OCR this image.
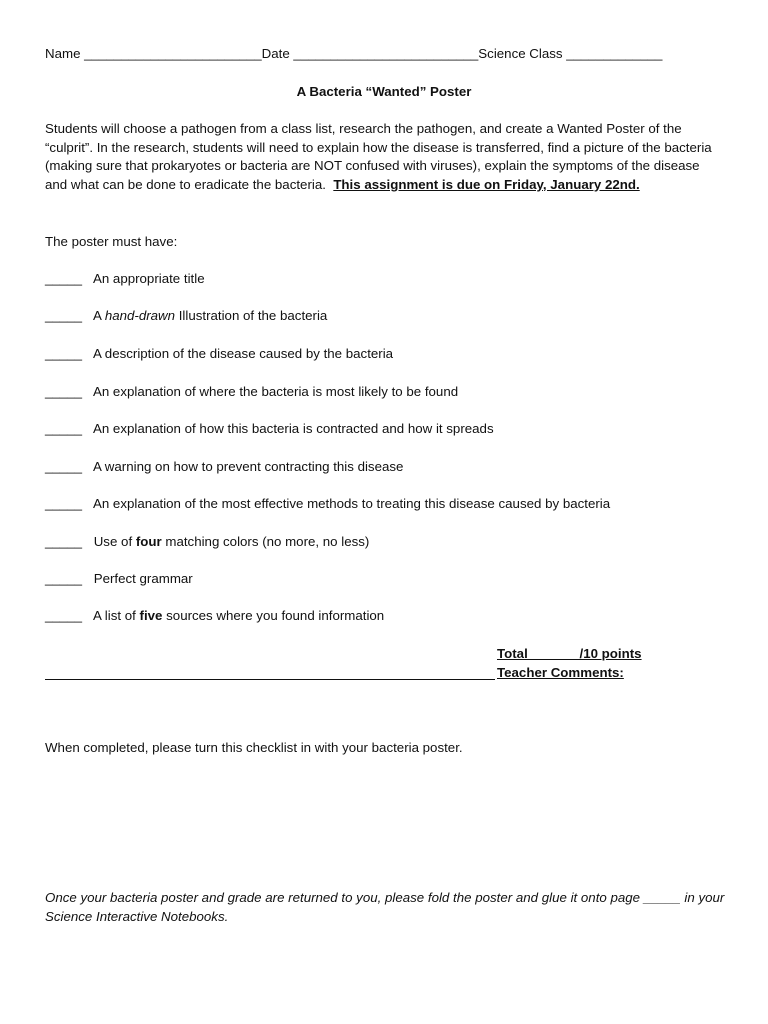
Name ________________________Date _________________________Science Class _____________
A Bacteria “Wanted” Poster
Students will choose a pathogen from a class list, research the pathogen, and create a Wanted Poster of the “culprit”. In the research, students will need to explain how the disease is transferred, find a picture of the bacteria (making sure that prokaryotes or bacteria are NOT confused with viruses), explain the symptoms of the disease and what can be done to eradicate the bacteria. This assignment is due on Friday, January 22nd.
The poster must have:
_____ An appropriate title
_____ A hand-drawn Illustration of the bacteria
_____ A description of the disease caused by the bacteria
_____ An explanation of where the bacteria is most likely to be found
_____ An explanation of how this bacteria is contracted and how it spreads
_____ A warning on how to prevent contracting this disease
_____ An explanation of the most effective methods to treating this disease caused by bacteria
_____ Use of four matching colors (no more, no less)
_____ Perfect grammar
_____ A list of five sources where you found information
Total              /10 points
Teacher Comments:
When completed, please turn this checklist in with your bacteria poster.
Once your bacteria poster and grade are returned to you, please fold the poster and glue it onto page _____ in your Science Interactive Notebooks.
